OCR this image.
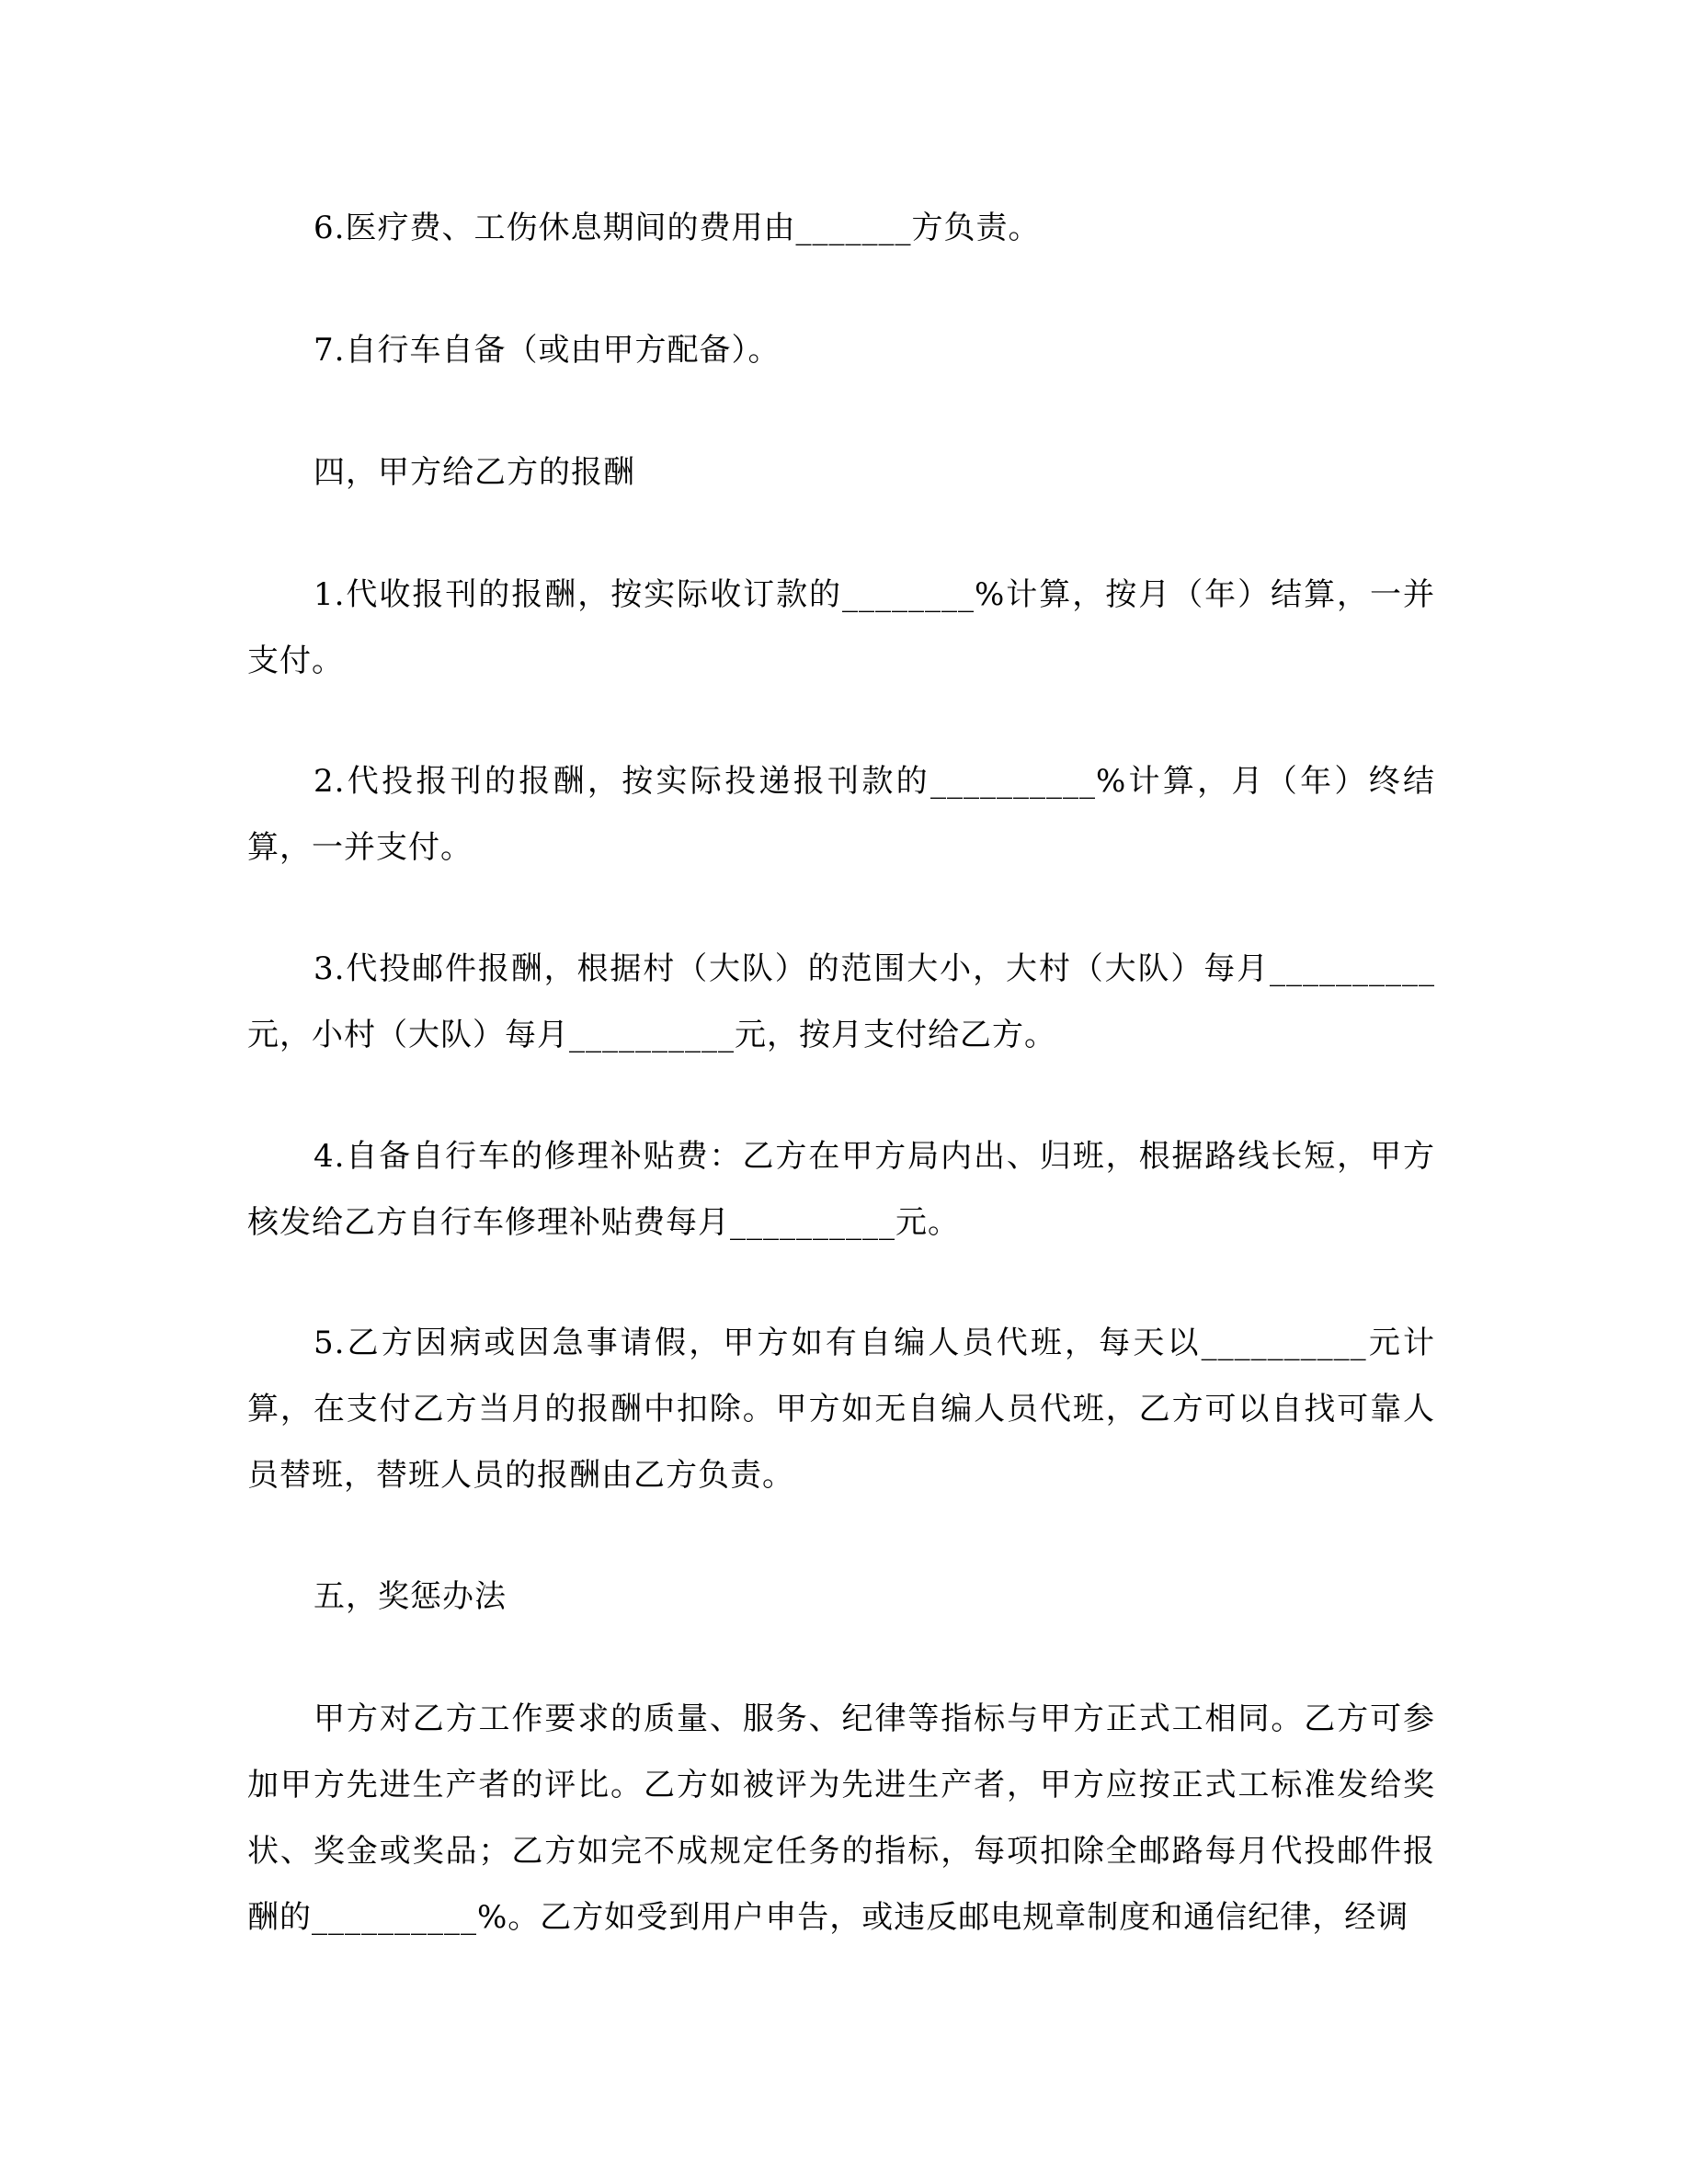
6.医疗费、工伤休息期间的费用由_______方负责。

7.自行车自备（或由甲方配备）。

四，甲方给乙方的报酬

1.代收报刊的报酬，按实际收订款的________%计算，按月（年）结算，一并支付。

2.代投报刊的报酬，按实际投递报刊款的__________%计算，月（年）终结算，一并支付。

3.代投邮件报酬，根据村（大队）的范围大小，大村（大队）每月__________元，小村（大队）每月__________元，按月支付给乙方。

4.自备自行车的修理补贴费：乙方在甲方局内出、归班，根据路线长短，甲方核发给乙方自行车修理补贴费每月__________元。

5.乙方因病或因急事请假，甲方如有自编人员代班，每天以__________元计算，在支付乙方当月的报酬中扣除。甲方如无自编人员代班，乙方可以自找可靠人员替班，替班人员的报酬由乙方负责。

五，奖惩办法

甲方对乙方工作要求的质量、服务、纪律等指标与甲方正式工相同。乙方可参加甲方先进生产者的评比。乙方如被评为先进生产者，甲方应按正式工标准发给奖状、奖金或奖品；乙方如完不成规定任务的指标，每项扣除全邮路每月代投邮件报酬的__________%。乙方如受到用户申告，或违反邮电规章制度和通信纪律，经调
